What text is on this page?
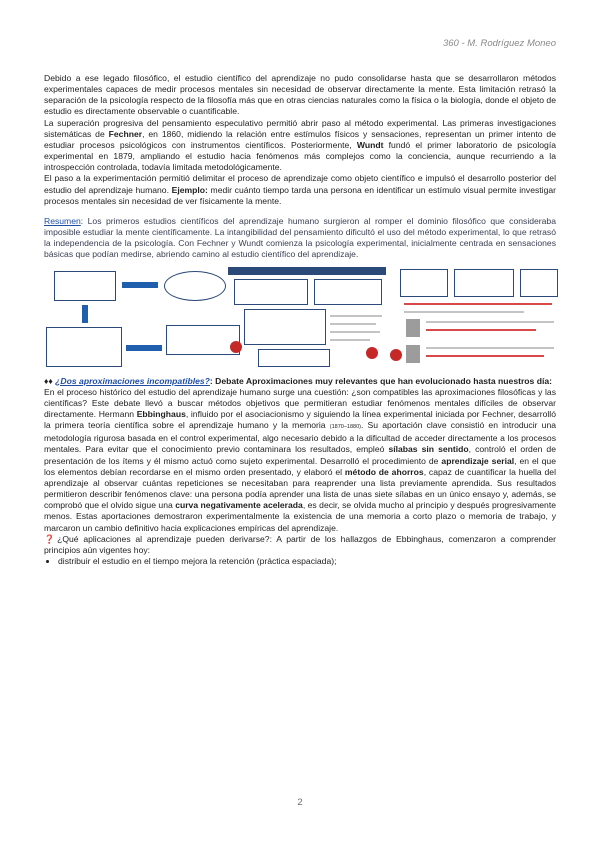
360 - M. Rodríguez Moneo

Debido a ese legado filosófico, el estudio científico del aprendizaje no pudo consolidarse hasta que se desarrollaron métodos experimentales capaces de medir procesos mentales sin necesidad de observar directamente la mente. Esta limitación retrasó la separación de la psicología respecto de la filosofía más que en otras ciencias naturales como la física o la biología, donde el objeto de estudio es directamente observable o cuantificable.

La superación progresiva del pensamiento especulativo permitió abrir paso al método experimental. Las primeras investigaciones sistemáticas de Fechner, en 1860, midiendo la relación entre estímulos físicos y sensaciones, representan un primer intento de estudiar procesos psicológicos con instrumentos científicos. Posteriormente, Wundt fundó el primer laboratorio de psicología experimental en 1879, ampliando el estudio hacia fenómenos más complejos como la conciencia, aunque recurriendo a la introspección controlada, todavía limitada metodológicamente.

El paso a la experimentación permitió delimitar el proceso de aprendizaje como objeto científico e impulsó el desarrollo posterior del estudio del aprendizaje humano. Ejemplo: medir cuánto tiempo tarda una persona en identificar un estímulo visual permite investigar procesos mentales sin necesidad de ver físicamente la mente.

Resumen: Los primeros estudios científicos del aprendizaje humano surgieron al romper el dominio filosófico que consideraba imposible estudiar la mente científicamente. La intangibilidad del pensamiento dificultó el uso del método experimental, lo que retrasó la independencia de la psicología. Con Fechner y Wundt comienza la psicología experimental, inicialmente centrada en sensaciones básicas que podían medirse, abriendo camino al estudio científico del aprendizaje.

♦♦ ¿Dos aproximaciones incompatibles?: Debate Aproximaciones muy relevantes que han evolucionado hasta nuestros día:

En el proceso histórico del estudio del aprendizaje humano surge una cuestión: ¿son compatibles las aproximaciones filosóficas y las científicas? Este debate llevó a buscar métodos objetivos que permitieran estudiar fenómenos mentales difíciles de observar directamente. Hermann Ebbinghaus, influido por el asociacionismo y siguiendo la línea experimental iniciada por Fechner, desarrolló la primera teoría científica sobre el aprendizaje humano y la memoria (1870–1880). Su aportación clave consistió en introducir una metodología rigurosa basada en el control experimental, algo necesario debido a la dificultad de acceder directamente a los procesos mentales. Para evitar que el conocimiento previo contaminara los resultados, empleó sílabas sin sentido, controló el orden de presentación de los ítems y él mismo actuó como sujeto experimental. Desarrolló el procedimiento de aprendizaje serial, en el que los elementos debían recordarse en el mismo orden presentado, y elaboró el método de ahorros, capaz de cuantificar la huella del aprendizaje al observar cuántas repeticiones se necesitaban para reaprender una lista previamente aprendida. Sus resultados permitieron describir fenómenos clave: una persona podía aprender una lista de unas siete sílabas en un único ensayo y, además, se comprobó que el olvido sigue una curva negativamente acelerada, es decir, se olvida mucho al principio y después progresivamente menos. Estas aportaciones demostraron experimentalmente la existencia de una memoria a corto plazo o memoria de trabajo, y marcaron un cambio definitivo hacia explicaciones empíricas del aprendizaje.

❓¿Qué aplicaciones al aprendizaje pueden derivarse?: A partir de los hallazgos de Ebbinghaus, comenzaron a comprender principios aún vigentes hoy:

• distribuir el estudio en el tiempo mejora la retención (práctica espaciada);
2
